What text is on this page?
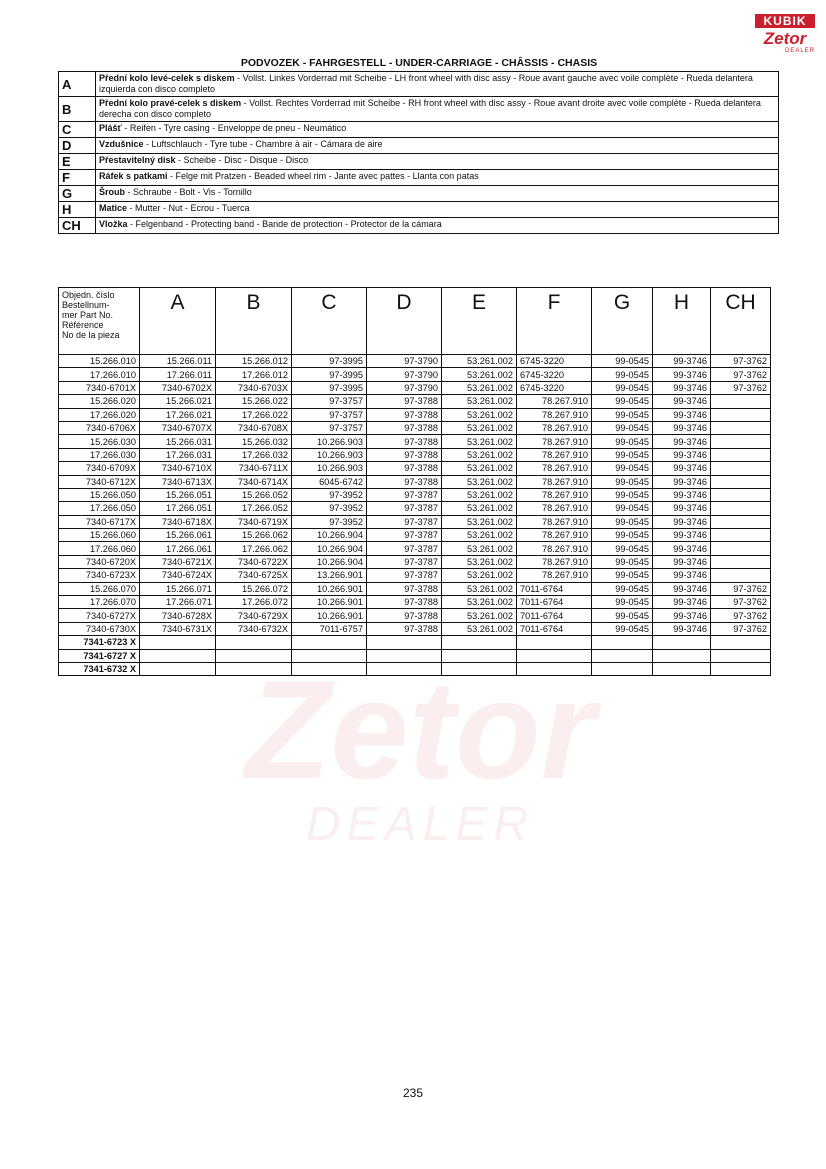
KUBIK
Zetor
DEALER
Zetor
DEALER
PODVOZEK - FAHRGESTELL - UNDER-CARRIAGE - CHÂSSIS - CHASIS
A	Přední kolo levé-celek s diskem - Vollst. Linkes Vorderrad mit Scheibe - LH front wheel with disc assy - Roue avant gauche avec voile complète - Rueda delantera izquierda con disco completo
B	Přední kolo pravé-celek s diskem - Vollst. Rechtes Vorderrad mit Scheibe - RH front wheel with disc assy - Roue avant droite avec voile complète - Rueda delantera derecha con disco completo
C	Plášť - Reifen - Tyre casing - Enveloppe de pneu - Neumático
D	Vzdušnice - Luftschlauch - Tyre tube - Chambre à air - Cámara de aire
E	Přestavitelný disk - Scheibe - Disc - Disque - Disco
F	Ráfek s patkami - Felge mit Pratzen - Beaded wheel rim - Jante avec pattes - Llanta con patas
G	Šroub - Schraube - Bolt - Vis - Tornillo
H	Matice - Mutter - Nut - Ecrou - Tuerca
CH	Vložka - Felgenband - Protecting band - Bande de protection - Protector de la cámara
Objedn. číslo
Bestellnum-
mer Part No.
Référence
No de la pieza	A	B	C	D	E	F	G	H	CH
15.266.010	15.266.011	15.266.012	97-3995	97-3790	53.261.002	6745-3220	99-0545	99-3746	97-3762
17.266.010	17.266.011	17.266.012	97-3995	97-3790	53.261.002	6745-3220	99-0545	99-3746	97-3762
7340-6701X	7340-6702X	7340-6703X	97-3995	97-3790	53.261.002	6745-3220	99-0545	99-3746	97-3762
15.266.020	15.266.021	15.266.022	97-3757	97-3788	53.261.002	78.267.910	99-0545	99-3746	
17.266.020	17.266.021	17.266.022	97-3757	97-3788	53.261.002	78.267.910	99-0545	99-3746	
7340-6706X	7340-6707X	7340-6708X	97-3757	97-3788	53.261.002	78.267.910	99-0545	99-3746	
15.266.030	15.266.031	15.266.032	10.266.903	97-3788	53.261.002	78.267.910	99-0545	99-3746	
17.266.030	17.266.031	17.266.032	10.266.903	97-3788	53.261.002	78.267.910	99-0545	99-3746	
7340-6709X	7340-6710X	7340-6711X	10.266.903	97-3788	53.261.002	78.267.910	99-0545	99-3746	
7340-6712X	7340-6713X	7340-6714X	6045-6742	97-3788	53.261.002	78.267.910	99-0545	99-3746	
15.266.050	15.266.051	15.266.052	97-3952	97-3787	53.261.002	78.267.910	99-0545	99-3746	
17.266.050	17.266.051	17.266.052	97-3952	97-3787	53.261.002	78.267.910	99-0545	99-3746	
7340-6717X	7340-6718X	7340-6719X	97-3952	97-3787	53.261.002	78.267.910	99-0545	99-3746	
15.266.060	15.266.061	15.266.062	10.266.904	97-3787	53.261.002	78.267.910	99-0545	99-3746	
17.266.060	17.266.061	17.266.062	10.266.904	97-3787	53.261.002	78.267.910	99-0545	99-3746	
7340-6720X	7340-6721X	7340-6722X	10.266.904	97-3787	53.261.002	78.267.910	99-0545	99-3746	
7340-6723X	7340-6724X	7340-6725X	13.266.901	97-3787	53.261.002	78.267.910	99-0545	99-3746	
15.266.070	15.266.071	15.266.072	10.266.901	97-3788	53.261.002	7011-6764	99-0545	99-3746	97-3762
17.266.070	17.266.071	17.266.072	10.266.901	97-3788	53.261.002	7011-6764	99-0545	99-3746	97-3762
7340-6727X	7340-6728X	7340-6729X	10.266.901	97-3788	53.261.002	7011-6764	99-0545	99-3746	97-3762
7340-6730X	7340-6731X	7340-6732X	7011-6757	97-3788	53.261.002	7011-6764	99-0545	99-3746	97-3762
7341-6723 X									
7341-6727 X									
7341-6732 X									
235
